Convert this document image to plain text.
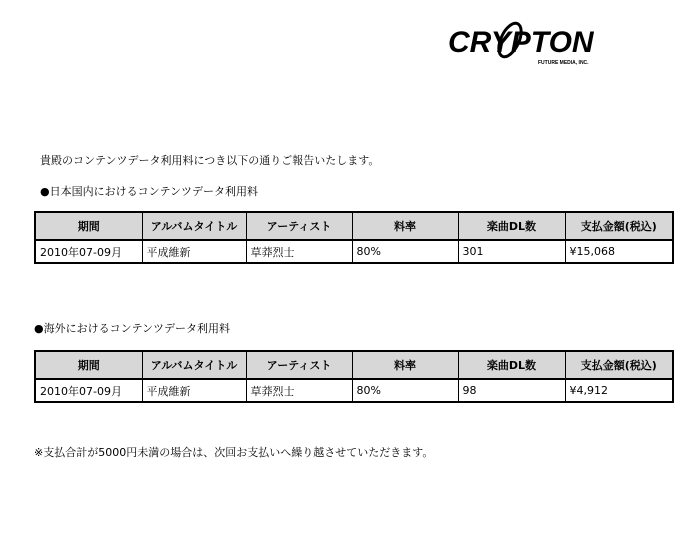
CRYPTON
FUTURE MEDIA, INC.
貴殿のコンテンツデータ利用料につき以下の通りご報告いたします。
●日本国内におけるコンテンツデータ利用料
期間	アルバムタイトル	アーティスト	料率	楽曲DL数	支払金額(税込)
2010年07-09月	平成維新	草莽烈士	80%	301	¥15,068
●海外におけるコンテンツデータ利用料
期間	アルバムタイトル	アーティスト	料率	楽曲DL数	支払金額(税込)
2010年07-09月	平成維新	草莽烈士	80%	98	¥4,912
※支払合計が5000円未満の場合は、次回お支払いへ繰り越させていただきます。
